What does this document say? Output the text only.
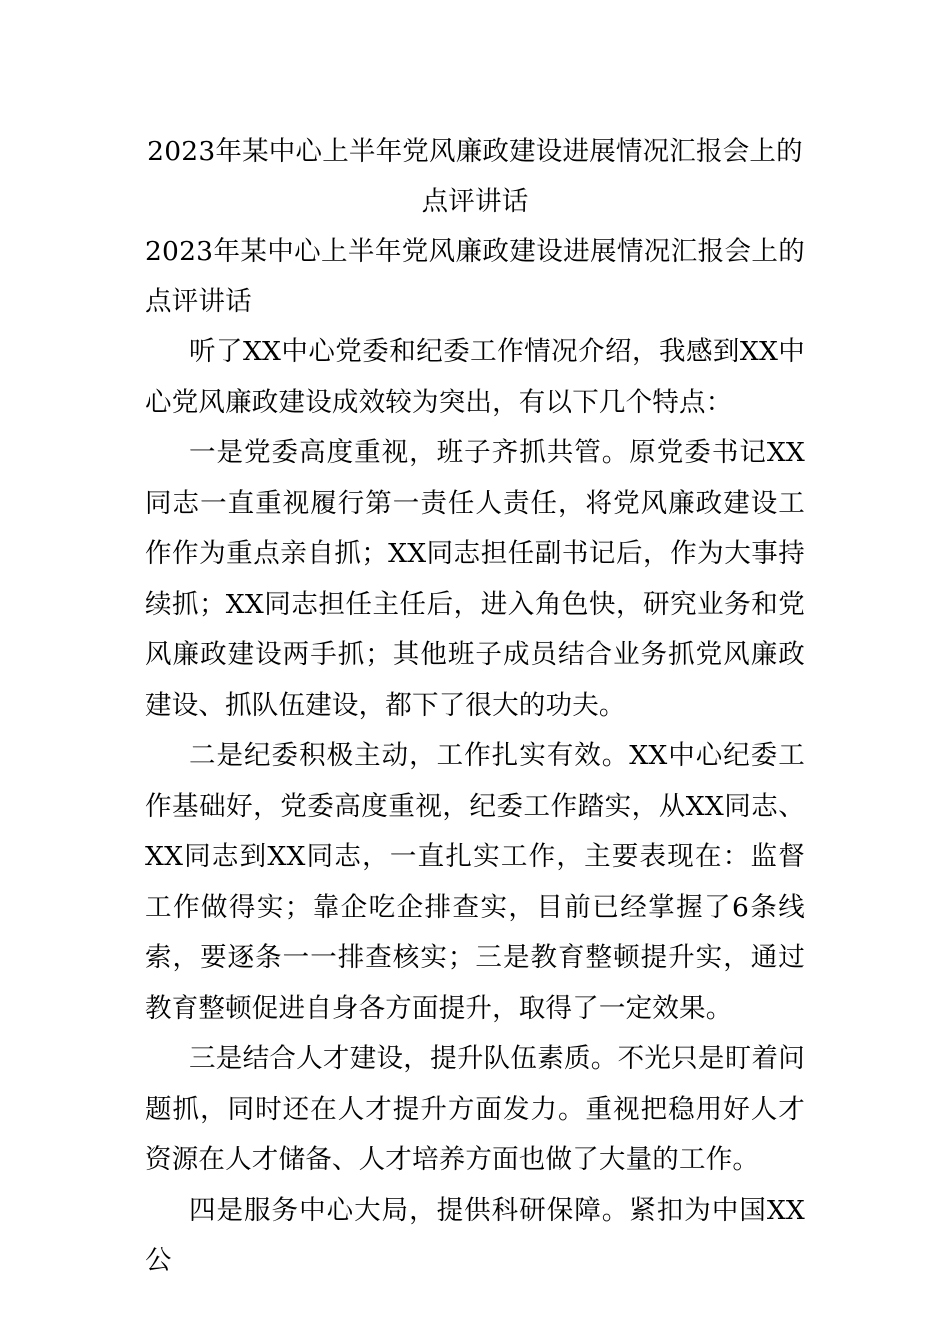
2023年某中心上半年党风廉政建设进展情况汇报会上的点评讲话

2023年某中心上半年党风廉政建设进展情况汇报会上的点评讲话

听了XX中心党委和纪委工作情况介绍，我感到XX中心党风廉政建设成效较为突出，有以下几个特点：

一是党委高度重视，班子齐抓共管。原党委书记XX同志一直重视履行第一责任人责任，将党风廉政建设工作作为重点亲自抓；XX同志担任副书记后，作为大事持续抓；XX同志担任主任后，进入角色快，研究业务和党风廉政建设两手抓；其他班子成员结合业务抓党风廉政建设、抓队伍建设，都下了很大的功夫。

二是纪委积极主动，工作扎实有效。XX中心纪委工作基础好，党委高度重视，纪委工作踏实，从XX同志、XX同志到XX同志，一直扎实工作，主要表现在：监督工作做得实；靠企吃企排查实，目前已经掌握了6条线索，要逐条一一排查核实；三是教育整顿提升实，通过教育整顿促进自身各方面提升，取得了一定效果。

三是结合人才建设，提升队伍素质。不光只是盯着问题抓，同时还在人才提升方面发力。重视把稳用好人才资源在人才储备、人才培养方面也做了大量的工作。

四是服务中心大局，提供科研保障。紧扣为中国XX公
